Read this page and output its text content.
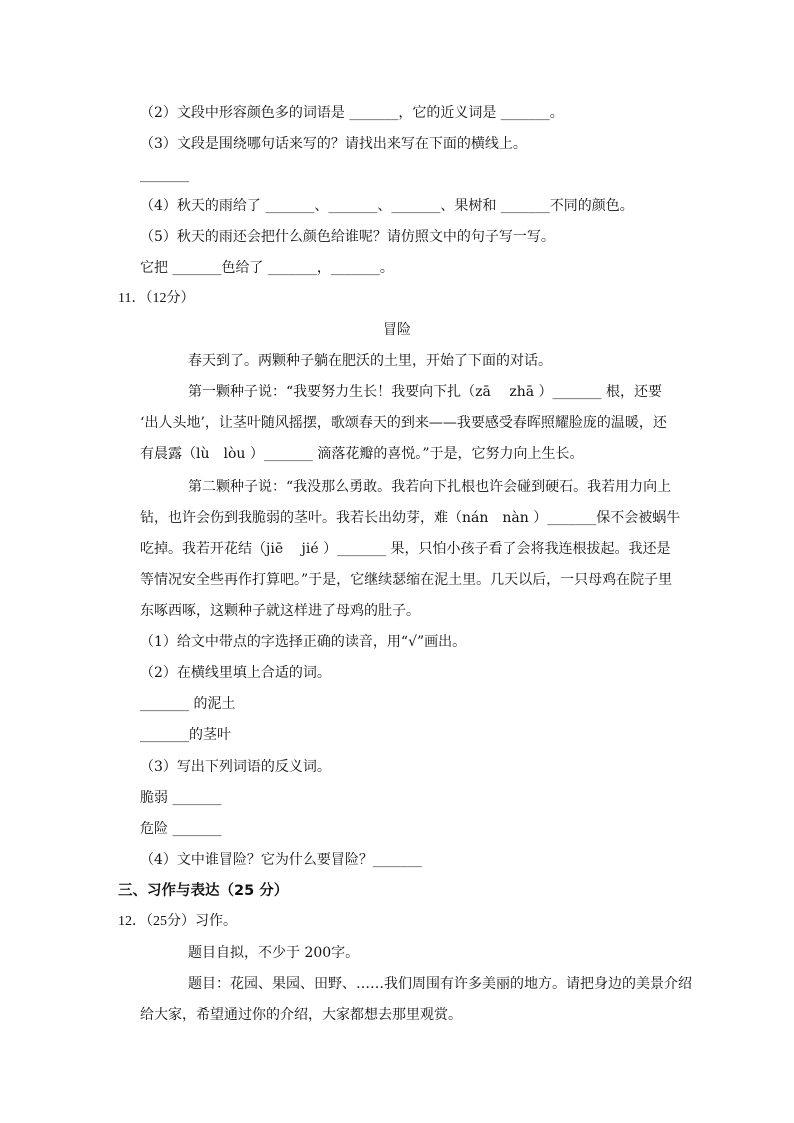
（2）文段中形容颜色多的词语是 _______，它的近义词是 _______。
（3）文段是围绕哪句话来写的？请找出来写在下面的横线上。
_______
（4）秋天的雨给了 _______、_______、_______、果树和 _______不同的颜色。
（5）秋天的雨还会把什么颜色给谁呢？请仿照文中的句子写一写。
它把 _______色给了 _______，_______。
11．（12分）
冒险
春天到了。两颗种子躺在肥沃的土里，开始了下面的对话。
第一颗种子说：“我要努力生长！我要向下扎（zā　 zhā ）_______ 根，还要
‘出人头地’，让茎叶随风摇摆，歌颂春天的到来——我要感受春晖照耀脸庞的温暖，还
有晨露（lù　lòu ）_______ 滴落花瓣的喜悦。”于是，它努力向上生长。
第二颗种子说：“我没那么勇敢。我若向下扎根也许会碰到硬石。我若用力向上
钻，也许会伤到我脆弱的茎叶。我若长出幼芽，难（nán　nàn ）_______保不会被蜗牛
吃掉。我若开花结（jiē　 jié ）_______ 果，只怕小孩子看了会将我连根拔起。我还是
等情况安全些再作打算吧。”于是，它继续瑟缩在泥土里。几天以后，一只母鸡在院子里
东啄西啄，这颗种子就这样进了母鸡的肚子。
（1）给文中带点的字选择正确的读音，用“√”画出。
（2）在横线里填上合适的词。
_______ 的泥土
_______的茎叶
（3）写出下列词语的反义词。
脆弱 _______
危险 _______
（4）文中谁冒险？它为什么要冒险？_______
三、习作与表达（25 分）
12．（25分）习作。
题目自拟，不少于 200字。
题目：花园、果园、田野、……我们周围有许多美丽的地方。请把身边的美景介绍
给大家，希望通过你的介绍，大家都想去那里观赏。
